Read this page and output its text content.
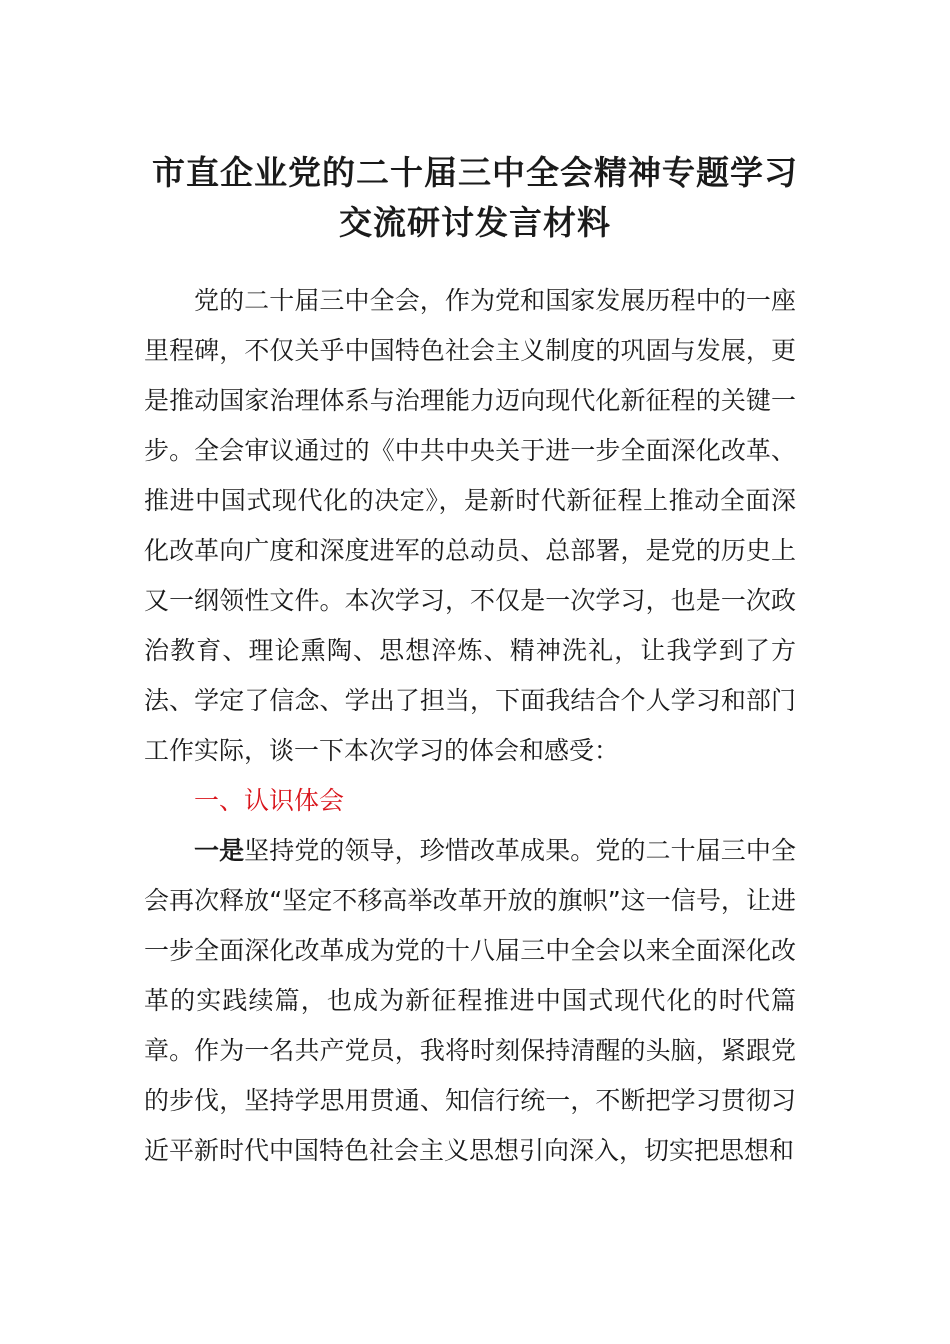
市直企业党的二十届三中全会精神专题学习
交流研讨发言材料

党的二十届三中全会，作为党和国家发展历程中的一座里程碑，不仅关乎中国特色社会主义制度的巩固与发展，更是推动国家治理体系与治理能力迈向现代化新征程的关键一步。全会审议通过的《中共中央关于进一步全面深化改革、推进中国式现代化的决定》，是新时代新征程上推动全面深化改革向广度和深度进军的总动员、总部署，是党的历史上又一纲领性文件。本次学习，不仅是一次学习，也是一次政治教育、理论熏陶、思想淬炼、精神洗礼，让我学到了方法、学定了信念、学出了担当，下面我结合个人学习和部门工作实际，谈一下本次学习的体会和感受：

一、认识体会

一是坚持党的领导，珍惜改革成果。党的二十届三中全会再次释放“坚定不移高举改革开放的旗帜”这一信号，让进一步全面深化改革成为党的十八届三中全会以来全面深化改革的实践续篇，也成为新征程推进中国式现代化的时代篇章。作为一名共产党员，我将时刻保持清醒的头脑，紧跟党的步伐，坚持学思用贯通、知信行统一，不断把学习贯彻习近平新时代中国特色社会主义思想引向深入，切实把思想和
